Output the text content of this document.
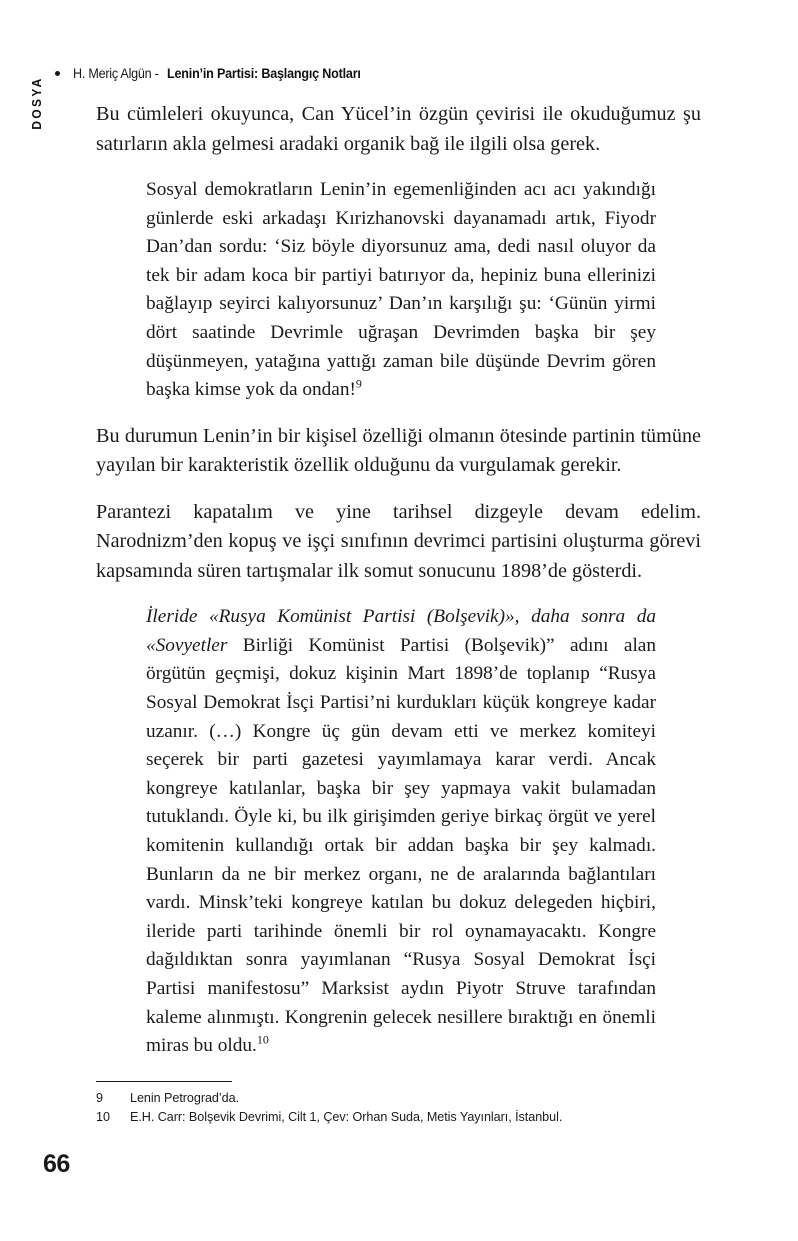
H. Meriç Algün - Lenin’in Partisi: Başlangıç Notları
DOSYA	Bu cümleleri okuyunca, Can Yücel’in özgün çevirisi ile okuduğumuz şu satırların akla gelmesi aradaki organik bağ ile ilgili olsa gerek.

Sosyal demokratların Lenin’in egemenliğinden acı acı yakındığı günlerde eski arkadaşı Kırizhanovski dayanamadı artık, Fiyodr Dan’dan sordu: ‘Siz böyle diyorsunuz ama, dedi nasıl oluyor da tek bir adam koca bir partiyi batırıyor da, hepiniz buna ellerinizi bağlayıp seyirci kalıyorsunuz’ Dan’ın karşılığı şu: ‘Günün yirmi dört saatinde Devrimle uğraşan Devrimden başka bir şey düşünmeyen, yatağına yattığı zaman bile düşünde Devrim gören başka kimse yok da ondan!$^9$

Bu durumun Lenin’in bir kişisel özelliği olmanın ötesinde partinin tümüne yayılan bir karakteristik özellik olduğunu da vurgulamak gerekir.

Parantezi kapatalım ve yine tarihsel dizgeyle devam edelim. Narodnizm’den kopuş ve işçi sınıfının devrimci partisini oluşturma görevi kapsamında süren tartışmalar ilk somut sonucunu 1898’de gösterdi.

İleride «Rusya Komünist Partisi (Bolşevik)», daha sonra da «Sovyetler Birliği Komünist Partisi (Bolşevik)” adını alan örgütün geçmişi, dokuz kişinin Mart 1898’de toplanıp “Rusya Sosyal Demokrat İsçi Partisi’ni kurdukları küçük kongreye kadar uzanır. (…) Kongre üç gün devam etti ve merkez komiteyi seçerek bir parti gazetesi yayımlamaya karar verdi. Ancak kongreye katılanlar, başka bir şey yapmaya vakit bulamadan tutuklandı. Öyle ki, bu ilk girişimden geriye birkaç örgüt ve yerel komitenin kullandığı ortak bir addan başka bir şey kalmadı. Bunların da ne bir merkez organı, ne de aralarında bağlantıları vardı. Minsk’teki kongreye katılan bu dokuz delegeden hiçbiri, ileride parti tarihinde önemli bir rol oynamayacaktı. Kongre dağıldıktan sonra yayımlanan “Rusya Sosyal Demokrat İsçi Partisi manifestosu” Marksist aydın Piyotr Struve tarafından kaleme alınmıştı. Kongrenin gelecek nesillere bıraktığı en önemli miras bu oldu.$^{10}$

9	Lenin Petrograd’da.
10	E.H. Carr: Bolşevik Devrimi, Cilt 1, Çev: Orhan Suda, Metis Yayınları, İstanbul.
66
